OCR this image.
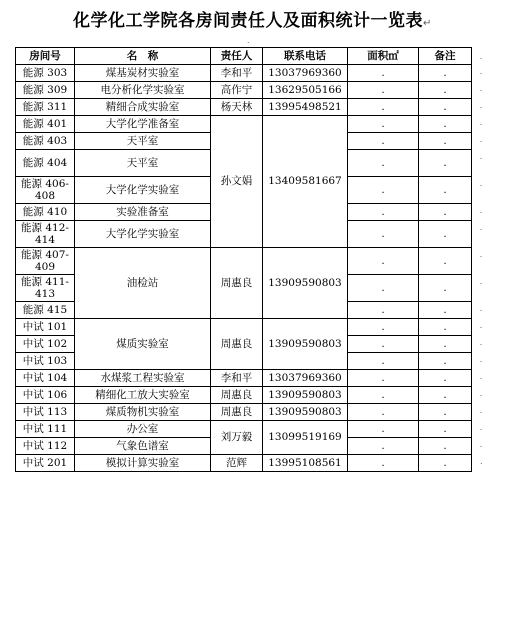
化学化工学院各房间责任人及面积统计一览表↵
.
房间号	名　称	责任人	联系电话	面积㎡	备注	.
能源 303	煤基炭材实验室	李和平	13037969360	.	.	.
能源 309	电分析化学实验室	高作宁	13629505166	.	.	.
能源 311	精细合成实验室	杨天林	13995498521	.	.	.
能源 401	大学化学准备室	孙文娟	13409581667	.	.	.
能源 403	天平室			.	.	.
能源 404	天平室			.	.	.
能源 406-408	大学化学实验室			.	.	.
能源 410	实验准备室			.	.	.
能源 412-414	大学化学实验室			.	.	.
能源 407-409	油检站	周惠良	13909590803	.	.	.
能源 411-413				.	.	.
能源 415				.	.	.
中试 101	煤质实验室	周惠良	13909590803	.	.	.
中试 102				.	.	.
中试 103				.	.	.
中试 104	水煤浆工程实验室	李和平	13037969360	.	.	.
中试 106	精细化工放大实验室	周惠良	13909590803	.	.	.
中试 113	煤质物机实验室	周惠良	13909590803	.	.	.
中试 111	办公室	刘万毅	13099519169	.	.	.
中试 112	气象色谱室			.	.	.
中试 201	模拟计算实验室	范辉	13995108561	.	.	.
